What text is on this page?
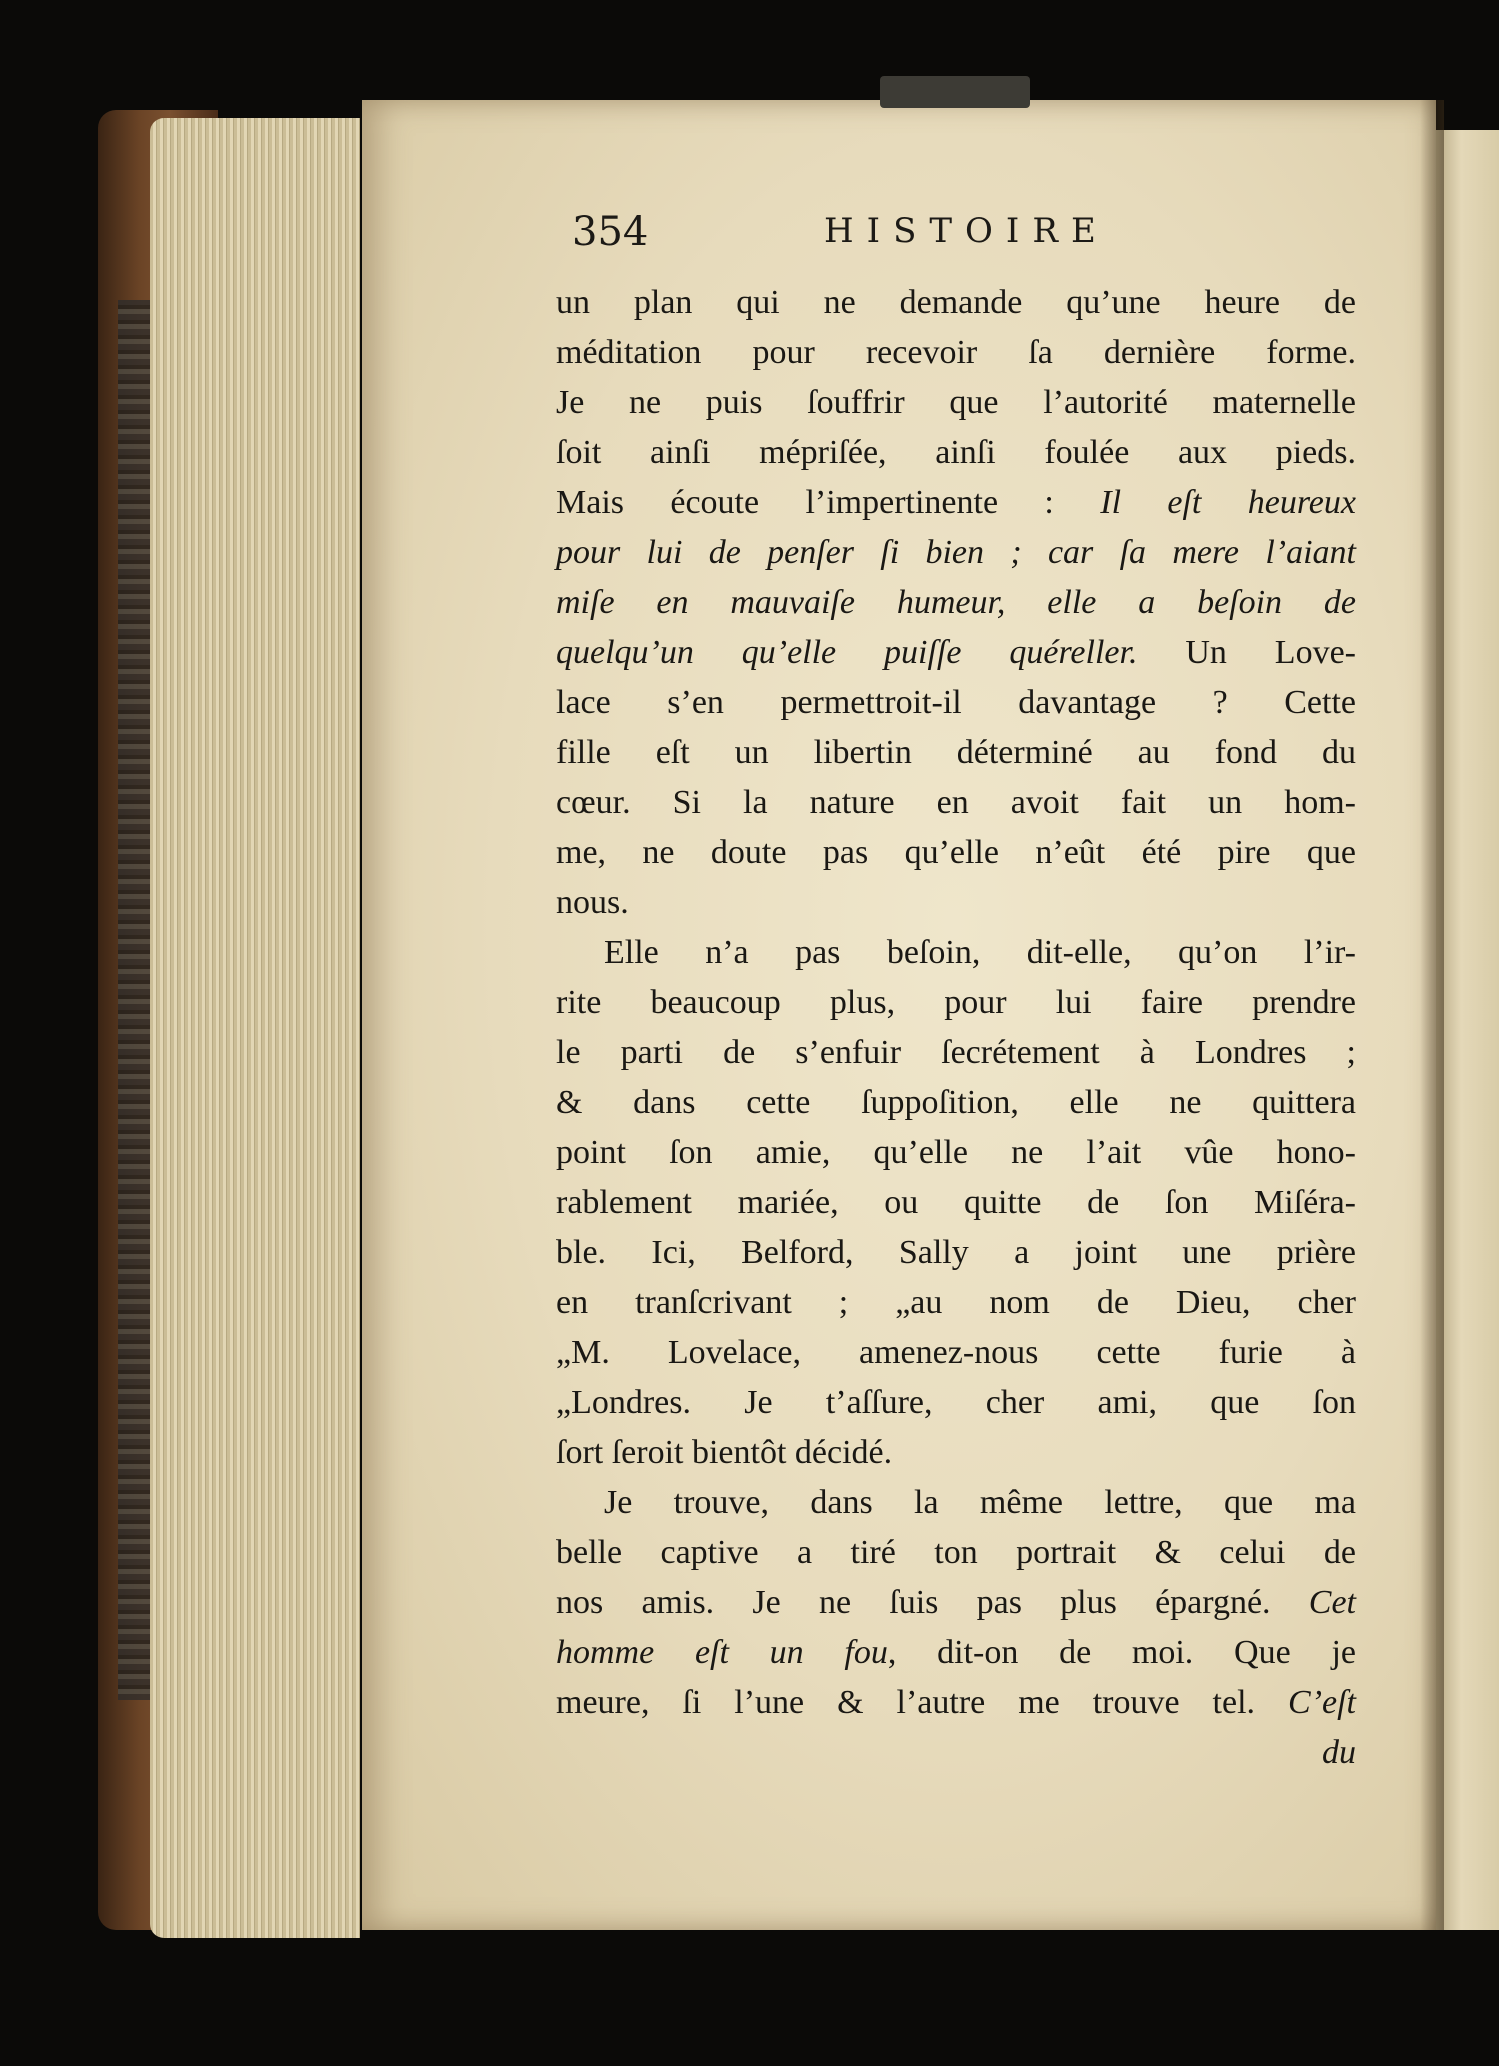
354	HISTOIRE
un plan qui ne demande qu’une heure de
méditation pour recevoir ſa dernière forme.
Je ne puis ſouffrir que l’autorité maternelle
ſoit ainſi mépriſée, ainſi foulée aux pieds.
Mais écoute l’impertinente : Il eſt heureux
pour lui de penſer ſi bien ; car ſa mere l’aiant
miſe en mauvaiſe humeur, elle a beſoin de
quelqu’un qu’elle puiſſe quéreller. Un Love-
lace s’en permettroit-il davantage ? Cette
fille eſt un libertin déterminé au fond du
cœur. Si la nature en avoit fait un hom-
me, ne doute pas qu’elle n’eût été pire que
nous.
Elle n’a pas beſoin, dit-elle, qu’on l’ir-
rite beaucoup plus, pour lui faire prendre
le parti de s’enfuir ſecrétement à Londres ;
& dans cette ſuppoſition, elle ne quittera
point ſon amie, qu’elle ne l’ait vûe hono-
rablement mariée, ou quitte de ſon Miſéra-
ble. Ici, Belford, Sally a joint une prière
en tranſcrivant ; „au nom de Dieu, cher
„M. Lovelace, amenez-nous cette furie à
„Londres. Je t’aſſure, cher ami, que ſon
ſort ſeroit bientôt décidé.
Je trouve, dans la même lettre, que ma
belle captive a tiré ton portrait & celui de
nos amis. Je ne ſuis pas plus épargné. Cet
homme eſt un fou, dit-on de moi. Que je
meure, ſi l’une & l’autre me trouve tel. C’eſt
du
